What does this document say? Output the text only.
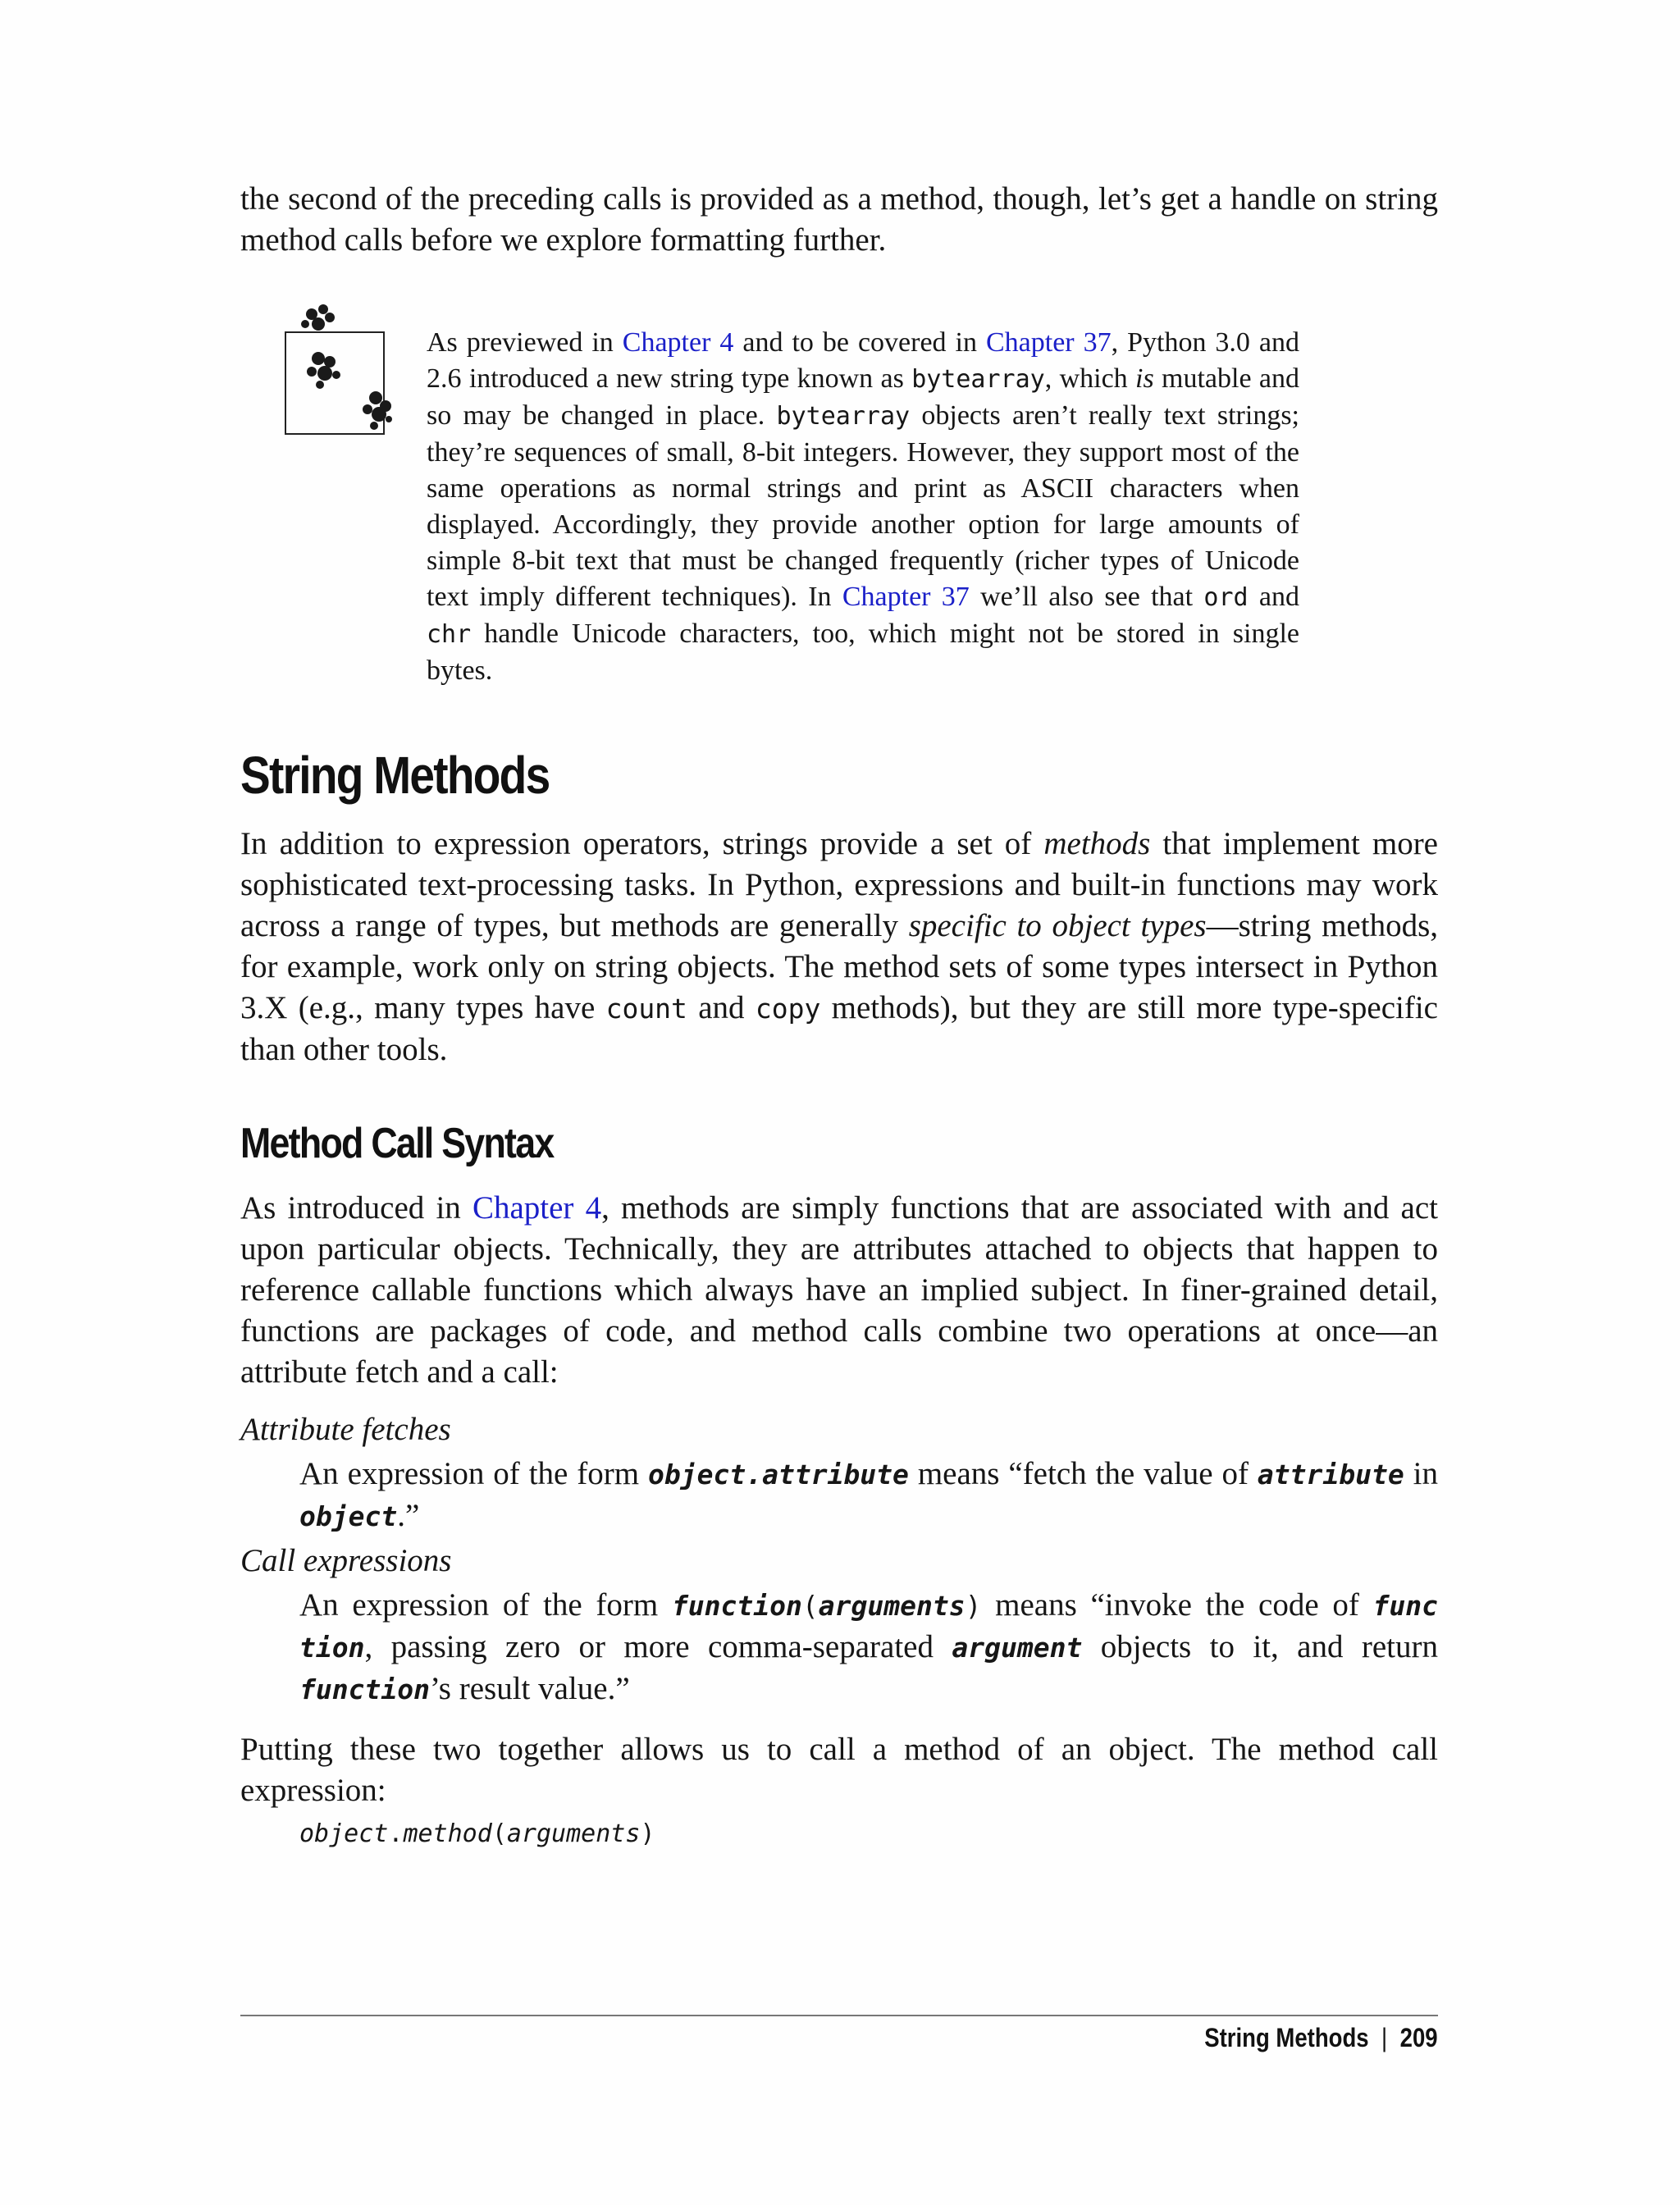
the second of the preceding calls is provided as a method, though, let’s get a handle on string method calls before we explore formatting further.

As previewed in Chapter 4 and to be covered in Chapter 37, Python 3.0 and 2.6 introduced a new string type known as bytearray, which is mutable and so may be changed in place. bytearray objects aren’t really text strings; they’re sequences of small, 8-bit integers. However, they support most of the same operations as normal strings and print as ASCII characters when displayed. Accordingly, they provide another option for large amounts of simple 8-bit text that must be changed frequently (richer types of Unicode text imply different techniques). In Chapter 37 we’ll also see that ord and chr handle Unicode characters, too, which might not be stored in single bytes.

String Methods

In addition to expression operators, strings provide a set of methods that implement more sophisticated text-processing tasks. In Python, expressions and built-in functions may work across a range of types, but methods are generally specific to object types—string methods, for example, work only on string objects. The method sets of some types intersect in Python 3.X (e.g., many types have count and copy methods), but they are still more type-specific than other tools.

Method Call Syntax

As introduced in Chapter 4, methods are simply functions that are associated with and act upon particular objects. Technically, they are attributes attached to objects that happen to reference callable functions which always have an implied subject. In finer-grained detail, functions are packages of code, and method calls combine two operations at once—an attribute fetch and a call:

Attribute fetches

An expression of the form object.attribute means “fetch the value of attribute in object.”

Call expressions

An expression of the form function(arguments) means “invoke the code of func tion, passing zero or more comma-separated argument objects to it, and return function’s result value.”

Putting these two together allows us to call a method of an object. The method call expression:

object.method(arguments)
String Methods | 209
